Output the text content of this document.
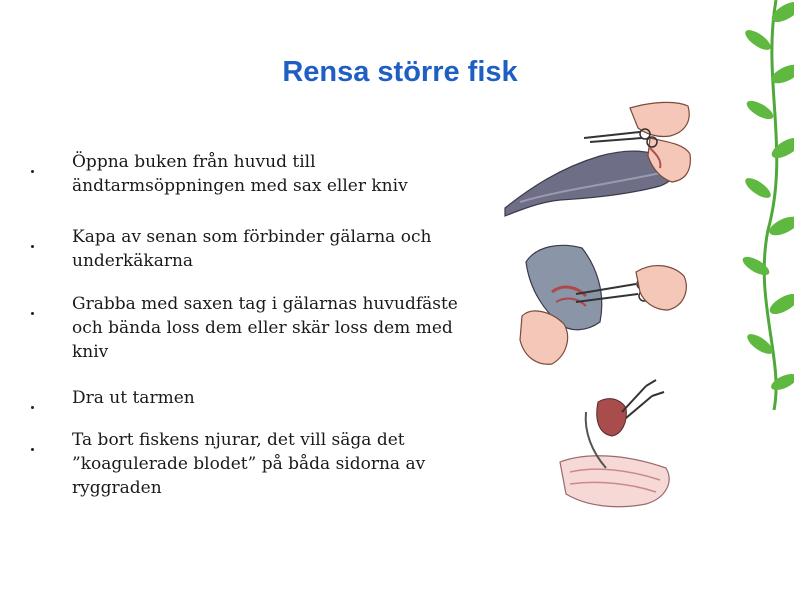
Rensa större fisk
Öppna buken från huvud till ändtarmsöppningen med sax eller kniv
Kapa av senan som förbinder gälarna och underkäkarna
Grabba med saxen tag i gälarnas huvudfäste och bända loss dem eller skär loss dem med kniv
Dra ut tarmen
Ta bort fiskens njurar, det vill säga det ”koagulerade blodet” på båda sidorna av ryggraden
